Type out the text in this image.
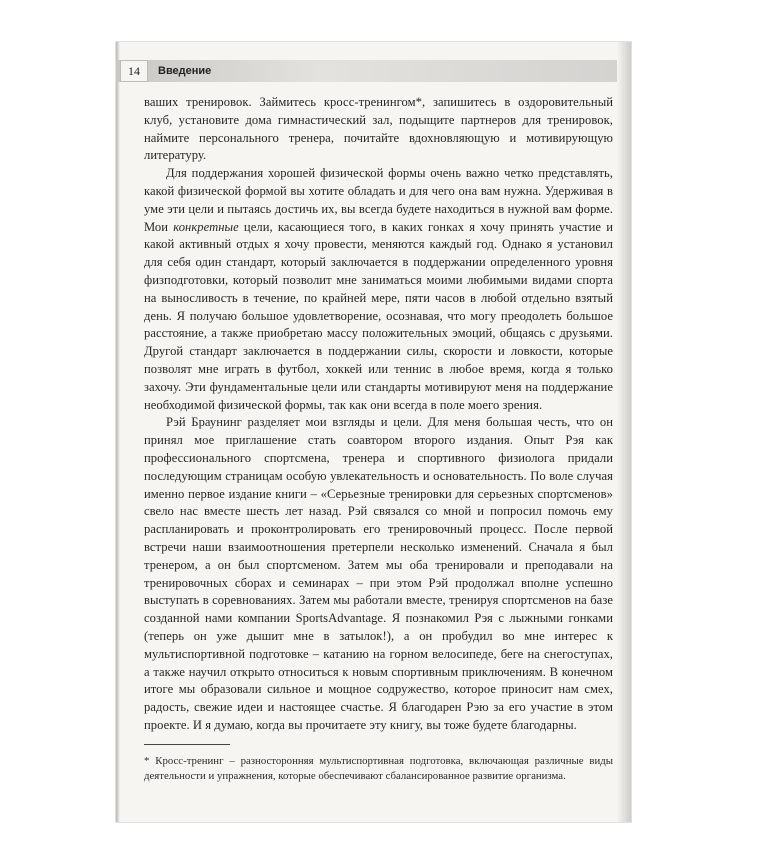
14	Введение

ваших тренировок. Займитесь кросс-тренингом*, запишитесь в оздоровительный клуб, установите дома гимнастический зал, подыщите партнеров для тренировок, наймите персонального тренера, почитайте вдохновляющую и мотивирующую литературу.

Для поддержания хорошей физической формы очень важно четко представлять, какой физической формой вы хотите обладать и для чего она вам нужна. Удерживая в уме эти цели и пытаясь достичь их, вы всегда будете находиться в нужной вам форме. Мои конкретные цели, касающиеся того, в каких гонках я хочу принять участие и какой активный отдых я хочу провести, меняются каждый год. Однако я установил для себя один стандарт, который заключается в поддержании определенного уровня физподготовки, который позволит мне заниматься моими любимыми видами спорта на выносливость в течение, по крайней мере, пяти часов в любой отдельно взятый день. Я получаю большое удовлетворение, осознавая, что могу преодолеть большое расстояние, а также приобретаю массу положительных эмоций, общаясь с друзьями. Другой стандарт заключается в поддержании силы, скорости и ловкости, которые позволят мне играть в футбол, хоккей или теннис в любое время, когда я только захочу. Эти фундаментальные цели или стандарты мотивируют меня на поддержание необходимой физической формы, так как они всегда в поле моего зрения.

Рэй Браунинг разделяет мои взгляды и цели. Для меня большая честь, что он принял мое приглашение стать соавтором второго издания. Опыт Рэя как профессионального спортсмена, тренера и спортивного физиолога придали последующим страницам особую увлекательность и основательность. По воле случая именно первое издание книги – «Серьезные тренировки для серьезных спортсменов» свело нас вместе шесть лет назад. Рэй связался со мной и попросил помочь ему распланировать и проконтролировать его тренировочный процесс. После первой встречи наши взаимоотношения претерпели несколько изменений. Сначала я был тренером, а он был спортсменом. Затем мы оба тренировали и преподавали на тренировочных сборах и семинарах – при этом Рэй продолжал вполне успешно выступать в соревнованиях. Затем мы работали вместе, тренируя спортсменов на базе созданной нами компании SportsAdvantage. Я познакомил Рэя с лыжными гонками (теперь он уже дышит мне в затылок!), а он пробудил во мне интерес к мультиспортивной подготовке – катанию на горном велосипеде, беге на снегоступах, а также научил открыто относиться к новым спортивным приключениям. В конечном итоге мы образовали сильное и мощное содружество, которое приносит нам смех, радость, свежие идеи и настоящее счастье. Я благодарен Рэю за его участие в этом проекте. И я думаю, когда вы прочитаете эту книгу, вы тоже будете благодарны.

* Кросс-тренинг – разносторонняя мультиспортивная подготовка, включающая различные виды деятельности и упражнения, которые обеспечивают сбалансированное развитие организма.
